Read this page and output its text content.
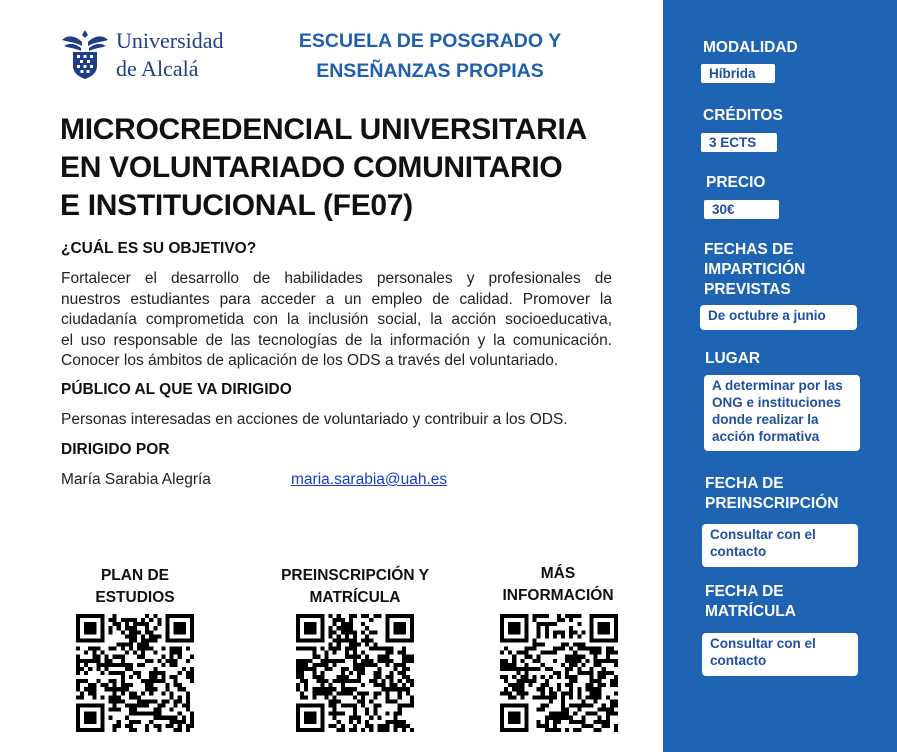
Universidad
de Alcalá
ESCUELA DE POSGRADO Y
ENSEÑANZAS PROPIAS
MICROCREDENCIAL UNIVERSITARIA
EN VOLUNTARIADO COMUNITARIO
E INSTITUCIONAL (FE07)
¿CUÁL ES SU OBJETIVO?
Fortalecer el desarrollo de habilidades personales y profesionales de
nuestros estudiantes para acceder a un empleo de calidad. Promover la
ciudadanía comprometida con la inclusión social, la acción socioeducativa,
el uso responsable de las tecnologías de la información y la comunicación.
Conocer los ámbitos de aplicación de los ODS a través del voluntariado.
PÚBLICO AL QUE VA DIRIGIDO
Personas interesadas en acciones de voluntariado y contribuir a los ODS.
DIRIGIDO POR
María Sarabia Alegría	maria.sarabia@uah.es
PLAN DE
ESTUDIOS
PREINSCRIPCIÓN Y
MATRÍCULA
MÁS
INFORMACIÓN
MODALIDAD
Híbrida
CRÉDITOS
3 ECTS
PRECIO
30€
FECHAS DE
IMPARTICIÓN
PREVISTAS
De octubre a junio
LUGAR
A determinar por las
ONG e instituciones
donde realizar la
acción formativa
FECHA DE
PREINSCRIPCIÓN
Consultar con el
contacto
FECHA DE
MATRÍCULA
Consultar con el
contacto
